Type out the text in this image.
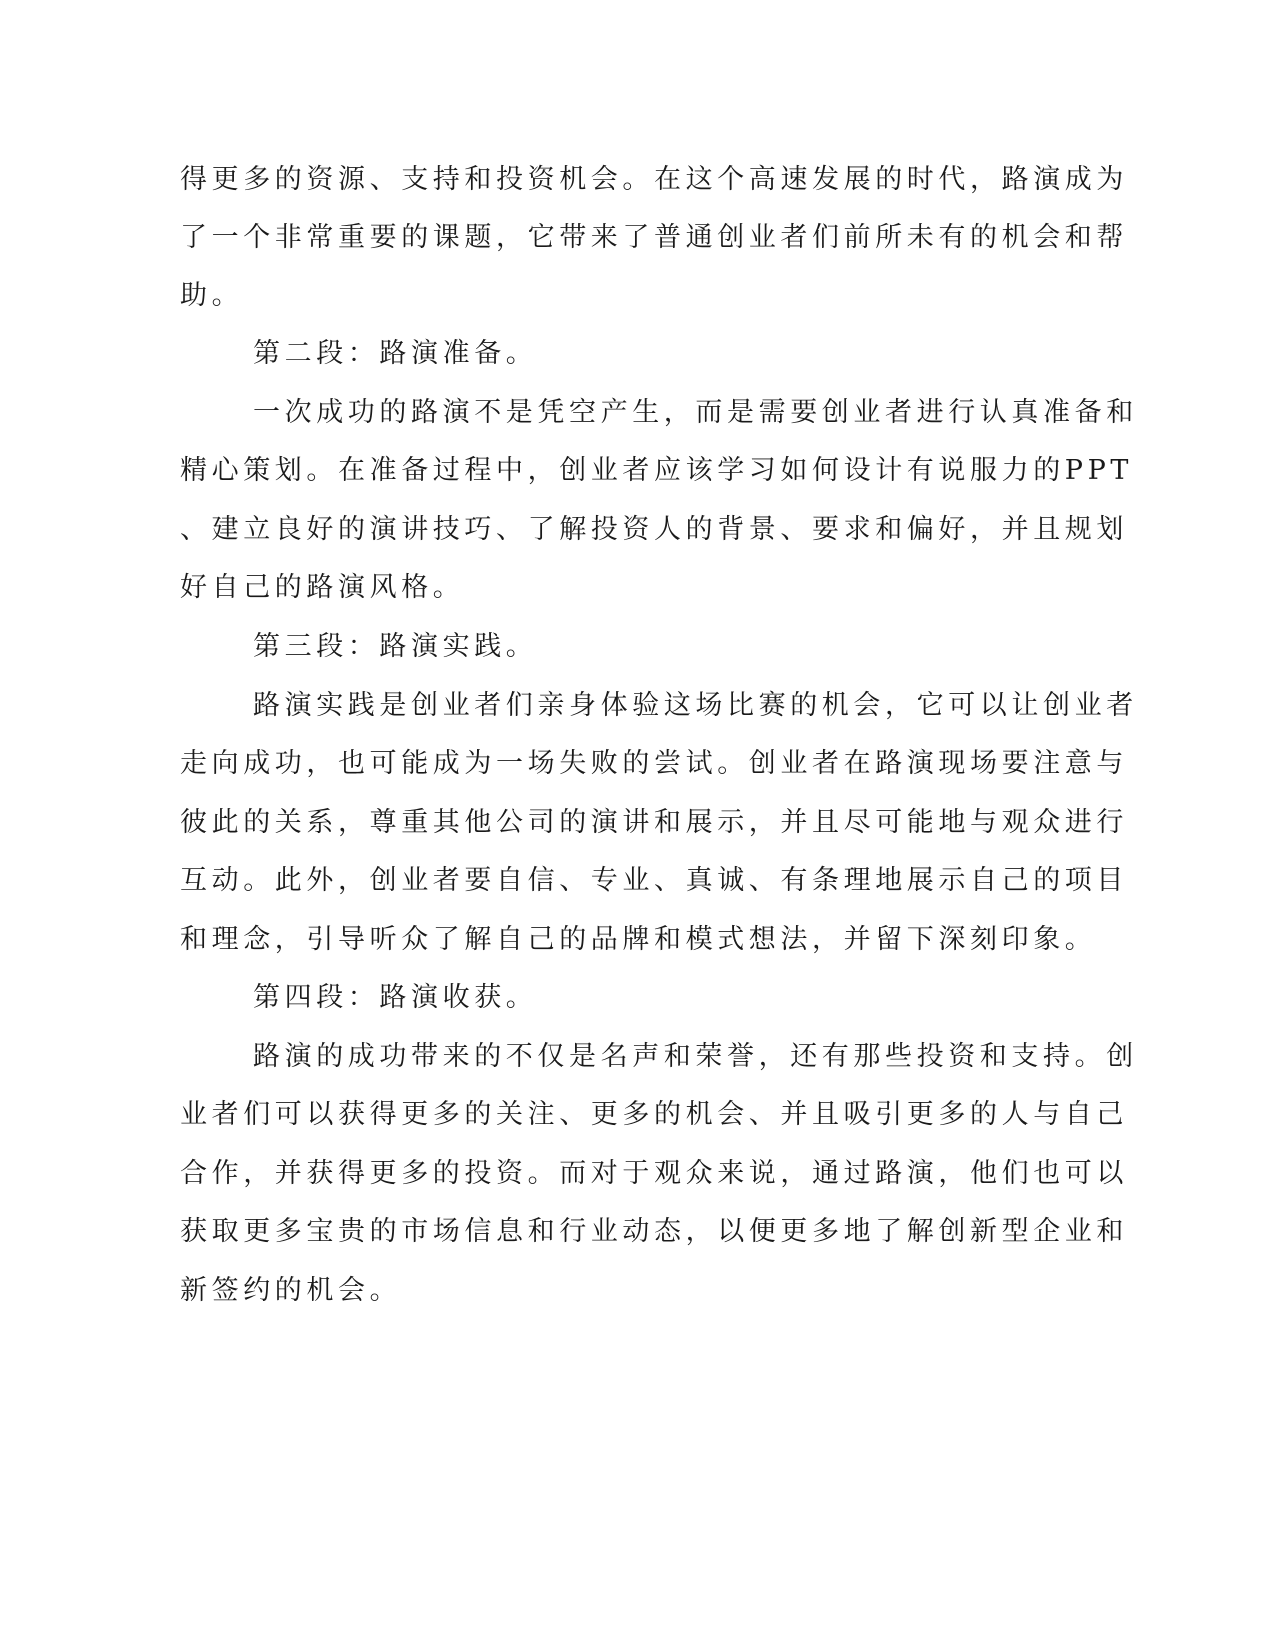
得更多的资源、支持和投资机会。在这个高速发展的时代，路演成为
了一个非常重要的课题，它带来了普通创业者们前所未有的机会和帮
助。
第二段：路演准备。
一次成功的路演不是凭空产生，而是需要创业者进行认真准备和
精心策划。在准备过程中，创业者应该学习如何设计有说服力的PPT
、建立良好的演讲技巧、了解投资人的背景、要求和偏好，并且规划
好自己的路演风格。
第三段：路演实践。
路演实践是创业者们亲身体验这场比赛的机会，它可以让创业者
走向成功，也可能成为一场失败的尝试。创业者在路演现场要注意与
彼此的关系，尊重其他公司的演讲和展示，并且尽可能地与观众进行
互动。此外，创业者要自信、专业、真诚、有条理地展示自己的项目
和理念，引导听众了解自己的品牌和模式想法，并留下深刻印象。
第四段：路演收获。
路演的成功带来的不仅是名声和荣誉，还有那些投资和支持。创
业者们可以获得更多的关注、更多的机会、并且吸引更多的人与自己
合作，并获得更多的投资。而对于观众来说，通过路演，他们也可以
获取更多宝贵的市场信息和行业动态，以便更多地了解创新型企业和
新签约的机会。
